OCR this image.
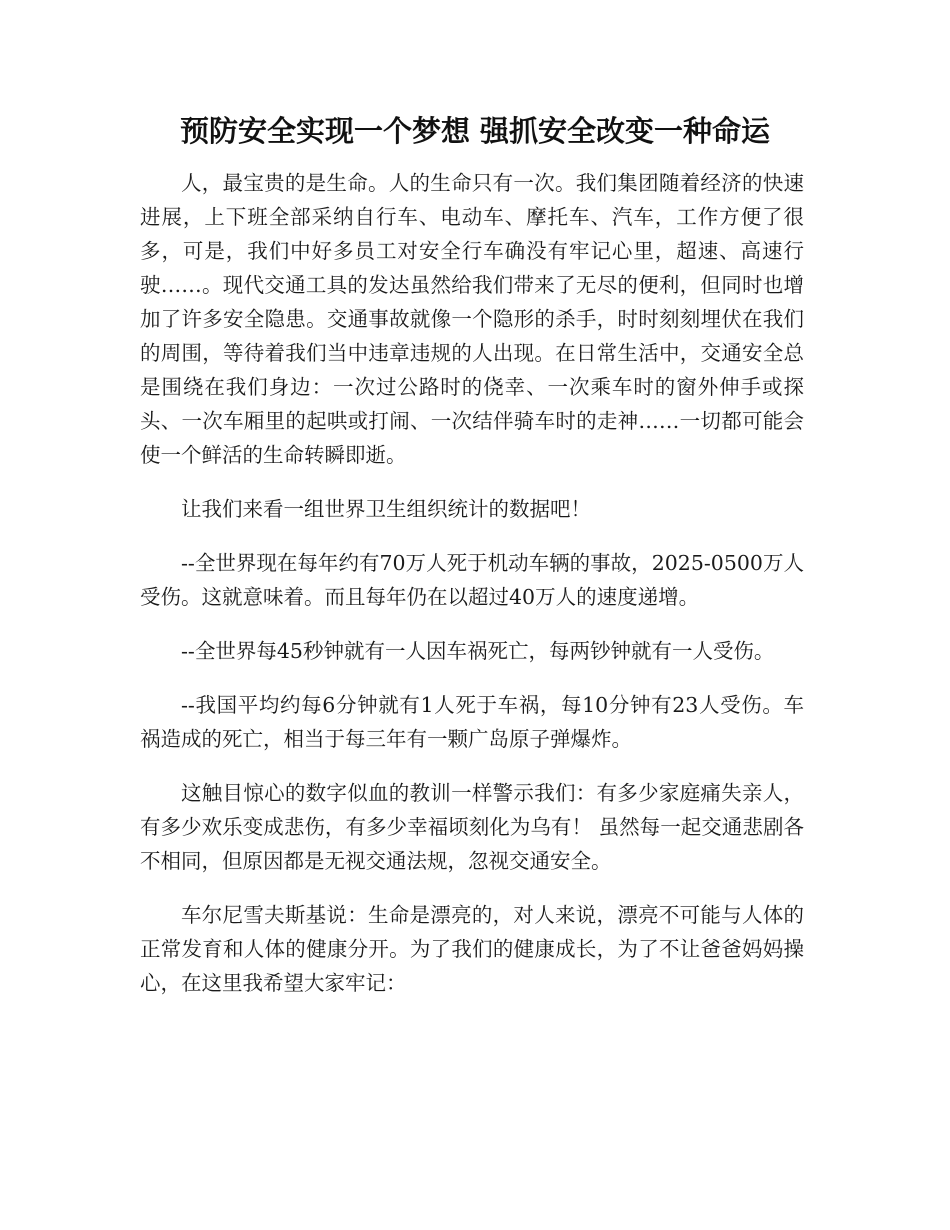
预防安全实现一个梦想 强抓安全改变一种命运

人，最宝贵的是生命。人的生命只有一次。我们集团随着经济的快速进展，上下班全部采纳自行车、电动车、摩托车、汽车，工作方便了很多，可是，我们中好多员工对安全行车确没有牢记心里，超速、高速行驶……。现代交通工具的发达虽然给我们带来了无尽的便利，但同时也增加了许多安全隐患。交通事故就像一个隐形的杀手，时时刻刻埋伏在我们的周围，等待着我们当中违章违规的人出现。在日常生活中，交通安全总是围绕在我们身边：一次过公路时的侥幸、一次乘车时的窗外伸手或探头、一次车厢里的起哄或打闹、一次结伴骑车时的走神……一切都可能会使一个鲜活的生命转瞬即逝。

让我们来看一组世界卫生组织统计的数据吧！

--全世界现在每年约有70万人死于机动车辆的事故，2025-0500万人受伤。这就意味着。而且每年仍在以超过40万人的速度递增。

--全世界每45秒钟就有一人因车祸死亡，每两钞钟就有一人受伤。

--我国平均约每6分钟就有1人死于车祸，每10分钟有23人受伤。车祸造成的死亡，相当于每三年有一颗广岛原子弹爆炸。

这触目惊心的数字似血的教训一样警示我们：有多少家庭痛失亲人，有多少欢乐变成悲伤，有多少幸福顷刻化为乌有！ 虽然每一起交通悲剧各不相同，但原因都是无视交通法规，忽视交通安全。

车尔尼雪夫斯基说：生命是漂亮的，对人来说，漂亮不可能与人体的正常发育和人体的健康分开。为了我们的健康成长，为了不让爸爸妈妈操心，在这里我希望大家牢记：
